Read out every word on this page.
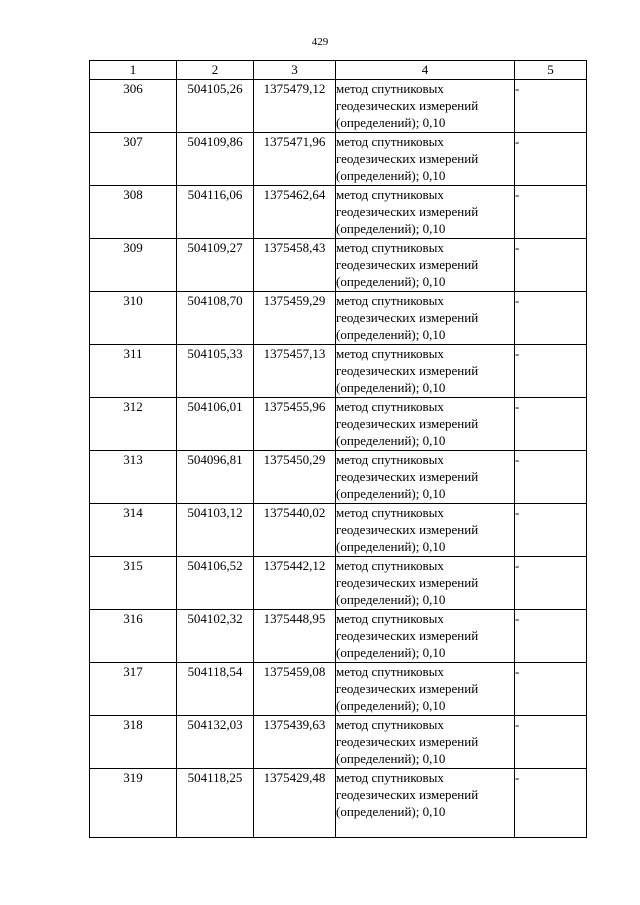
429
1	2	3	4	5
306	504105,26	1375479,12	метод спутниковых
геодезических измерений
(определений); 0,10	-
307	504109,86	1375471,96	метод спутниковых
геодезических измерений
(определений); 0,10	-
308	504116,06	1375462,64	метод спутниковых
геодезических измерений
(определений); 0,10	-
309	504109,27	1375458,43	метод спутниковых
геодезических измерений
(определений); 0,10	-
310	504108,70	1375459,29	метод спутниковых
геодезических измерений
(определений); 0,10	-
311	504105,33	1375457,13	метод спутниковых
геодезических измерений
(определений); 0,10	-
312	504106,01	1375455,96	метод спутниковых
геодезических измерений
(определений); 0,10	-
313	504096,81	1375450,29	метод спутниковых
геодезических измерений
(определений); 0,10	-
314	504103,12	1375440,02	метод спутниковых
геодезических измерений
(определений); 0,10	-
315	504106,52	1375442,12	метод спутниковых
геодезических измерений
(определений); 0,10	-
316	504102,32	1375448,95	метод спутниковых
геодезических измерений
(определений); 0,10	-
317	504118,54	1375459,08	метод спутниковых
геодезических измерений
(определений); 0,10	-
318	504132,03	1375439,63	метод спутниковых
геодезических измерений
(определений); 0,10	-
319	504118,25	1375429,48	метод спутниковых
геодезических измерений
(определений); 0,10	-
